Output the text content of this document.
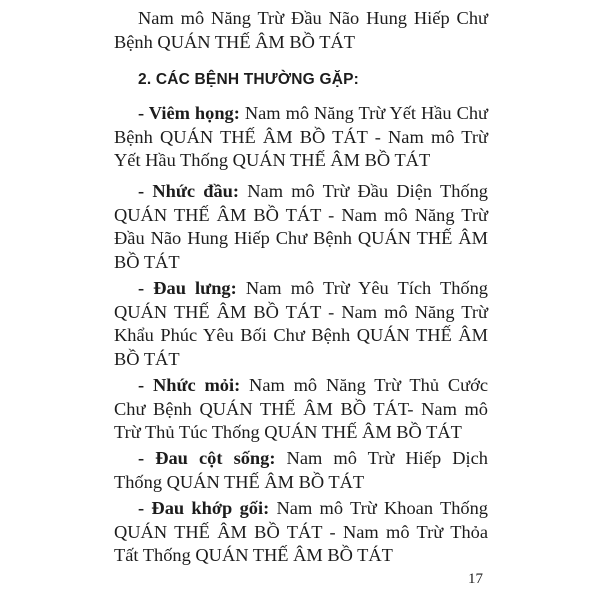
Nam mô Năng Trừ Đầu Não Hung Hiếp Chư Bệnh QUÁN THẾ ÂM BỒ TÁT

2. CÁC BỆNH THƯỜNG GẶP:

- Viêm họng: Nam mô Năng Trừ Yết Hầu Chư Bệnh QUÁN THẾ ÂM BỒ TÁT - Nam mô Trừ Yết Hầu Thống QUÁN THẾ ÂM BỒ TÁT

- Nhức đầu: Nam mô Trừ Đầu Diện Thống QUÁN THẾ ÂM BỒ TÁT - Nam mô Năng Trừ Đầu Não Hung Hiếp Chư Bệnh QUÁN THẾ ÂM BỒ TÁT

- Đau lưng: Nam mô Trừ Yêu Tích Thống QUÁN THẾ ÂM BỒ TÁT - Nam mô Năng Trừ Khẩu Phúc Yêu Bối Chư Bệnh QUÁN THẾ ÂM BỒ TÁT

- Nhức mỏi: Nam mô Năng Trừ Thủ Cước Chư Bệnh QUÁN THẾ ÂM BỒ TÁT- Nam mô Trừ Thủ Túc Thống QUÁN THẾ ÂM BỒ TÁT

- Đau cột sống: Nam mô Trừ Hiếp Dịch Thống QUÁN THẾ ÂM BỒ TÁT

- Đau khớp gối: Nam mô Trừ Khoan Thống QUÁN THẾ ÂM BỒ TÁT - Nam mô Trừ Thỏa Tất Thống QUÁN THẾ ÂM BỒ TÁT

17
